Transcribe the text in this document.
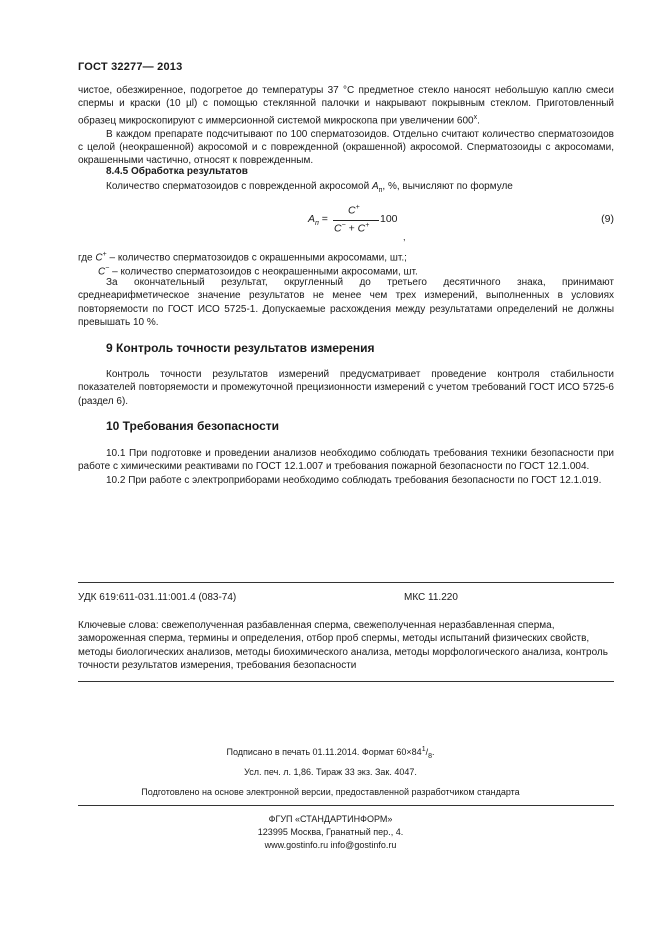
ГОСТ 32277— 2013

чистое, обезжиренное, подогретое до температуры 37 °C предметное стекло наносят небольшую каплю смеси спермы и краски (10 µl) с помощью стеклянной палочки и накрывают покрывным стеклом. Приготовленный образец микроскопируют с иммерсионной системой микроскопа при увеличении 600$^x$.

В каждом препарате подсчитывают по 100 сперматозоидов. Отдельно считают количество сперматозоидов с целой (неокрашенной) акросомой и с поврежденной (окрашенной) акросомой. Сперматозоиды с акросомами, окрашенными частично, относят к поврежденным.

8.4.5 Обработка результатов
Количество сперматозоидов с поврежденной акросомой $A_п$, %, вычисляют по формуле
$A_п$ =
C+
C− + C+
100
,
(9)
где C+ – количество сперматозоидов с окрашенными акросомами, шт.;
C− – количество сперматозоидов с неокрашенными акросомами, шт.
За окончательный результат, округленный до третьего десятичного знака, принимают среднеарифметическое значение результатов не менее чем трех измерений, выполненных в условиях повторяемости по ГОСТ ИСО 5725-1. Допускаемые расхождения между результатами определений не должны превышать 10 %.
9 Контроль точности результатов измерения
Контроль точности результатов измерений предусматривает проведение контроля стабильности показателей повторяемости и промежуточной прецизионности измерений с учетом требований ГОСТ ИСО 5725-6 (раздел 6).
10 Требования безопасности

10.1 При подготовке и проведении анализов необходимо соблюдать требования техники безопасности при работе с химическими реактивами по ГОСТ 12.1.007 и требования пожарной безопасности по ГОСТ 12.1.004.

10.2 При работе с электроприборами необходимо соблюдать требования безопасности по ГОСТ 12.1.019.

УДК 619:611-031.11:001.4 (083-74)	МКС 11.220
Ключевые слова: свежеполученная разбавленная сперма, свежеполученная неразбавленная сперма, замороженная сперма, термины и определения, отбор проб спермы, методы испытаний физических свойств, методы биологических анализов, методы биохимического анализа, методы морфологического анализа, контроль точности результатов измерения, требования безопасности
Подписано в печать 01.11.2014. Формат $60\times 84^1/_8$.
Усл. печ. л. 1,86. Тираж 33 экз. Зак. 4047.
Подготовлено на основе электронной версии, предоставленной разработчиком стандарта
ФГУП «СТАНДАРТИНФОРМ»
123995 Москва, Гранатный пер., 4.
www.gostinfo.ru info@gostinfo.ru
